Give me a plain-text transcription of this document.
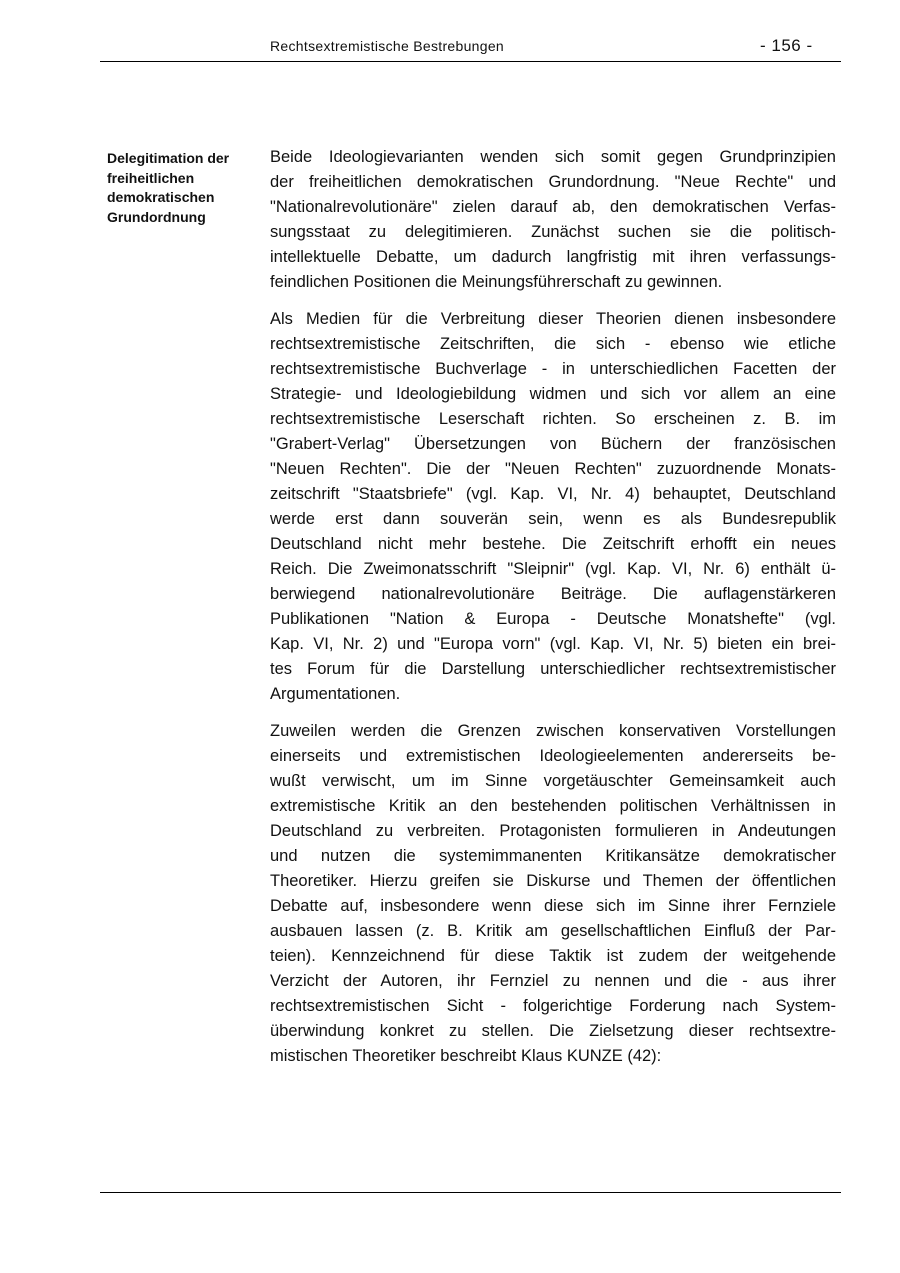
Rechtsextremistische Bestrebungen	- 156 -
Delegitimation der
freiheitlichen
demokratischen
Grundordnung
Beide Ideologievarianten wenden sich somit gegen Grundprinzipien
der freiheitlichen demokratischen Grundordnung. "Neue Rechte" und
"Nationalrevolutionäre" zielen darauf ab, den demokratischen Verfas-
sungsstaat zu delegitimieren. Zunächst suchen sie die politisch-
intellektuelle Debatte, um dadurch langfristig mit ihren verfassungs-
feindlichen Positionen die Meinungsführerschaft zu gewinnen.
Als Medien für die Verbreitung dieser Theorien dienen insbesondere
rechtsextremistische Zeitschriften, die sich - ebenso wie etliche
rechtsextremistische Buchverlage - in unterschiedlichen Facetten der
Strategie- und Ideologiebildung widmen und sich vor allem an eine
rechtsextremistische Leserschaft richten. So erscheinen z. B. im
"Grabert-Verlag" Übersetzungen von Büchern der französischen
"Neuen Rechten". Die der "Neuen Rechten" zuzuordnende Monats-
zeitschrift "Staatsbriefe" (vgl. Kap. VI, Nr. 4) behauptet, Deutschland
werde erst dann souverän sein, wenn es als Bundesrepublik
Deutschland nicht mehr bestehe. Die Zeitschrift erhofft ein neues
Reich. Die Zweimonatsschrift "Sleipnir" (vgl. Kap. VI, Nr. 6) enthält ü-
berwiegend nationalrevolutionäre Beiträge. Die auflagenstärkeren
Publikationen "Nation & Europa - Deutsche Monatshefte" (vgl.
Kap. VI, Nr. 2) und "Europa vorn" (vgl. Kap. VI, Nr. 5) bieten ein brei-
tes Forum für die Darstellung unterschiedlicher rechtsextremistischer
Argumentationen.
Zuweilen werden die Grenzen zwischen konservativen Vorstellungen
einerseits und extremistischen Ideologieelementen andererseits be-
wußt verwischt, um im Sinne vorgetäuschter Gemeinsamkeit auch
extremistische Kritik an den bestehenden politischen Verhältnissen in
Deutschland zu verbreiten. Protagonisten formulieren in Andeutungen
und nutzen die systemimmanenten Kritikansätze demokratischer
Theoretiker. Hierzu greifen sie Diskurse und Themen der öffentlichen
Debatte auf, insbesondere wenn diese sich im Sinne ihrer Fernziele
ausbauen lassen (z. B. Kritik am gesellschaftlichen Einfluß der Par-
teien). Kennzeichnend für diese Taktik ist zudem der weitgehende
Verzicht der Autoren, ihr Fernziel zu nennen und die - aus ihrer
rechtsextremistischen Sicht - folgerichtige Forderung nach System-
überwindung konkret zu stellen. Die Zielsetzung dieser rechtsextre-
mistischen Theoretiker beschreibt Klaus KUNZE (42):
